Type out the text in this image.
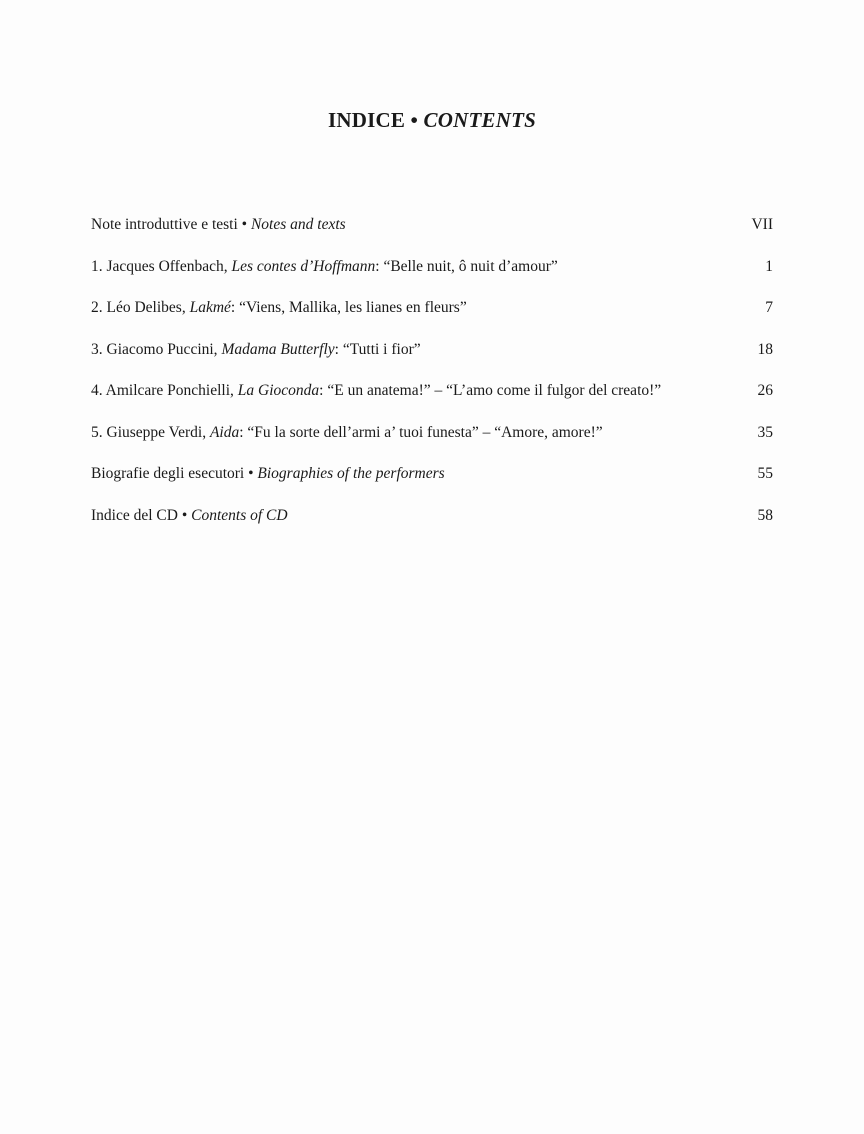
INDICE • CONTENTS
Note introduttive e testi • Notes and texts	VII
1. Jacques Offenbach, Les contes d’Hoffmann: “Belle nuit, ô nuit d’amour”	1
2. Léo Delibes, Lakmé: “Viens, Mallika, les lianes en fleurs”	7
3. Giacomo Puccini, Madama Butterfly: “Tutti i fior”	18
4. Amilcare Ponchielli, La Gioconda: “E un anatema!” – “L’amo come il fulgor del creato!”	26
5. Giuseppe Verdi, Aida: “Fu la sorte dell’armi a’ tuoi funesta” – “Amore, amore!”	35
Biografie degli esecutori • Biographies of the performers	55
Indice del CD • Contents of CD	58
